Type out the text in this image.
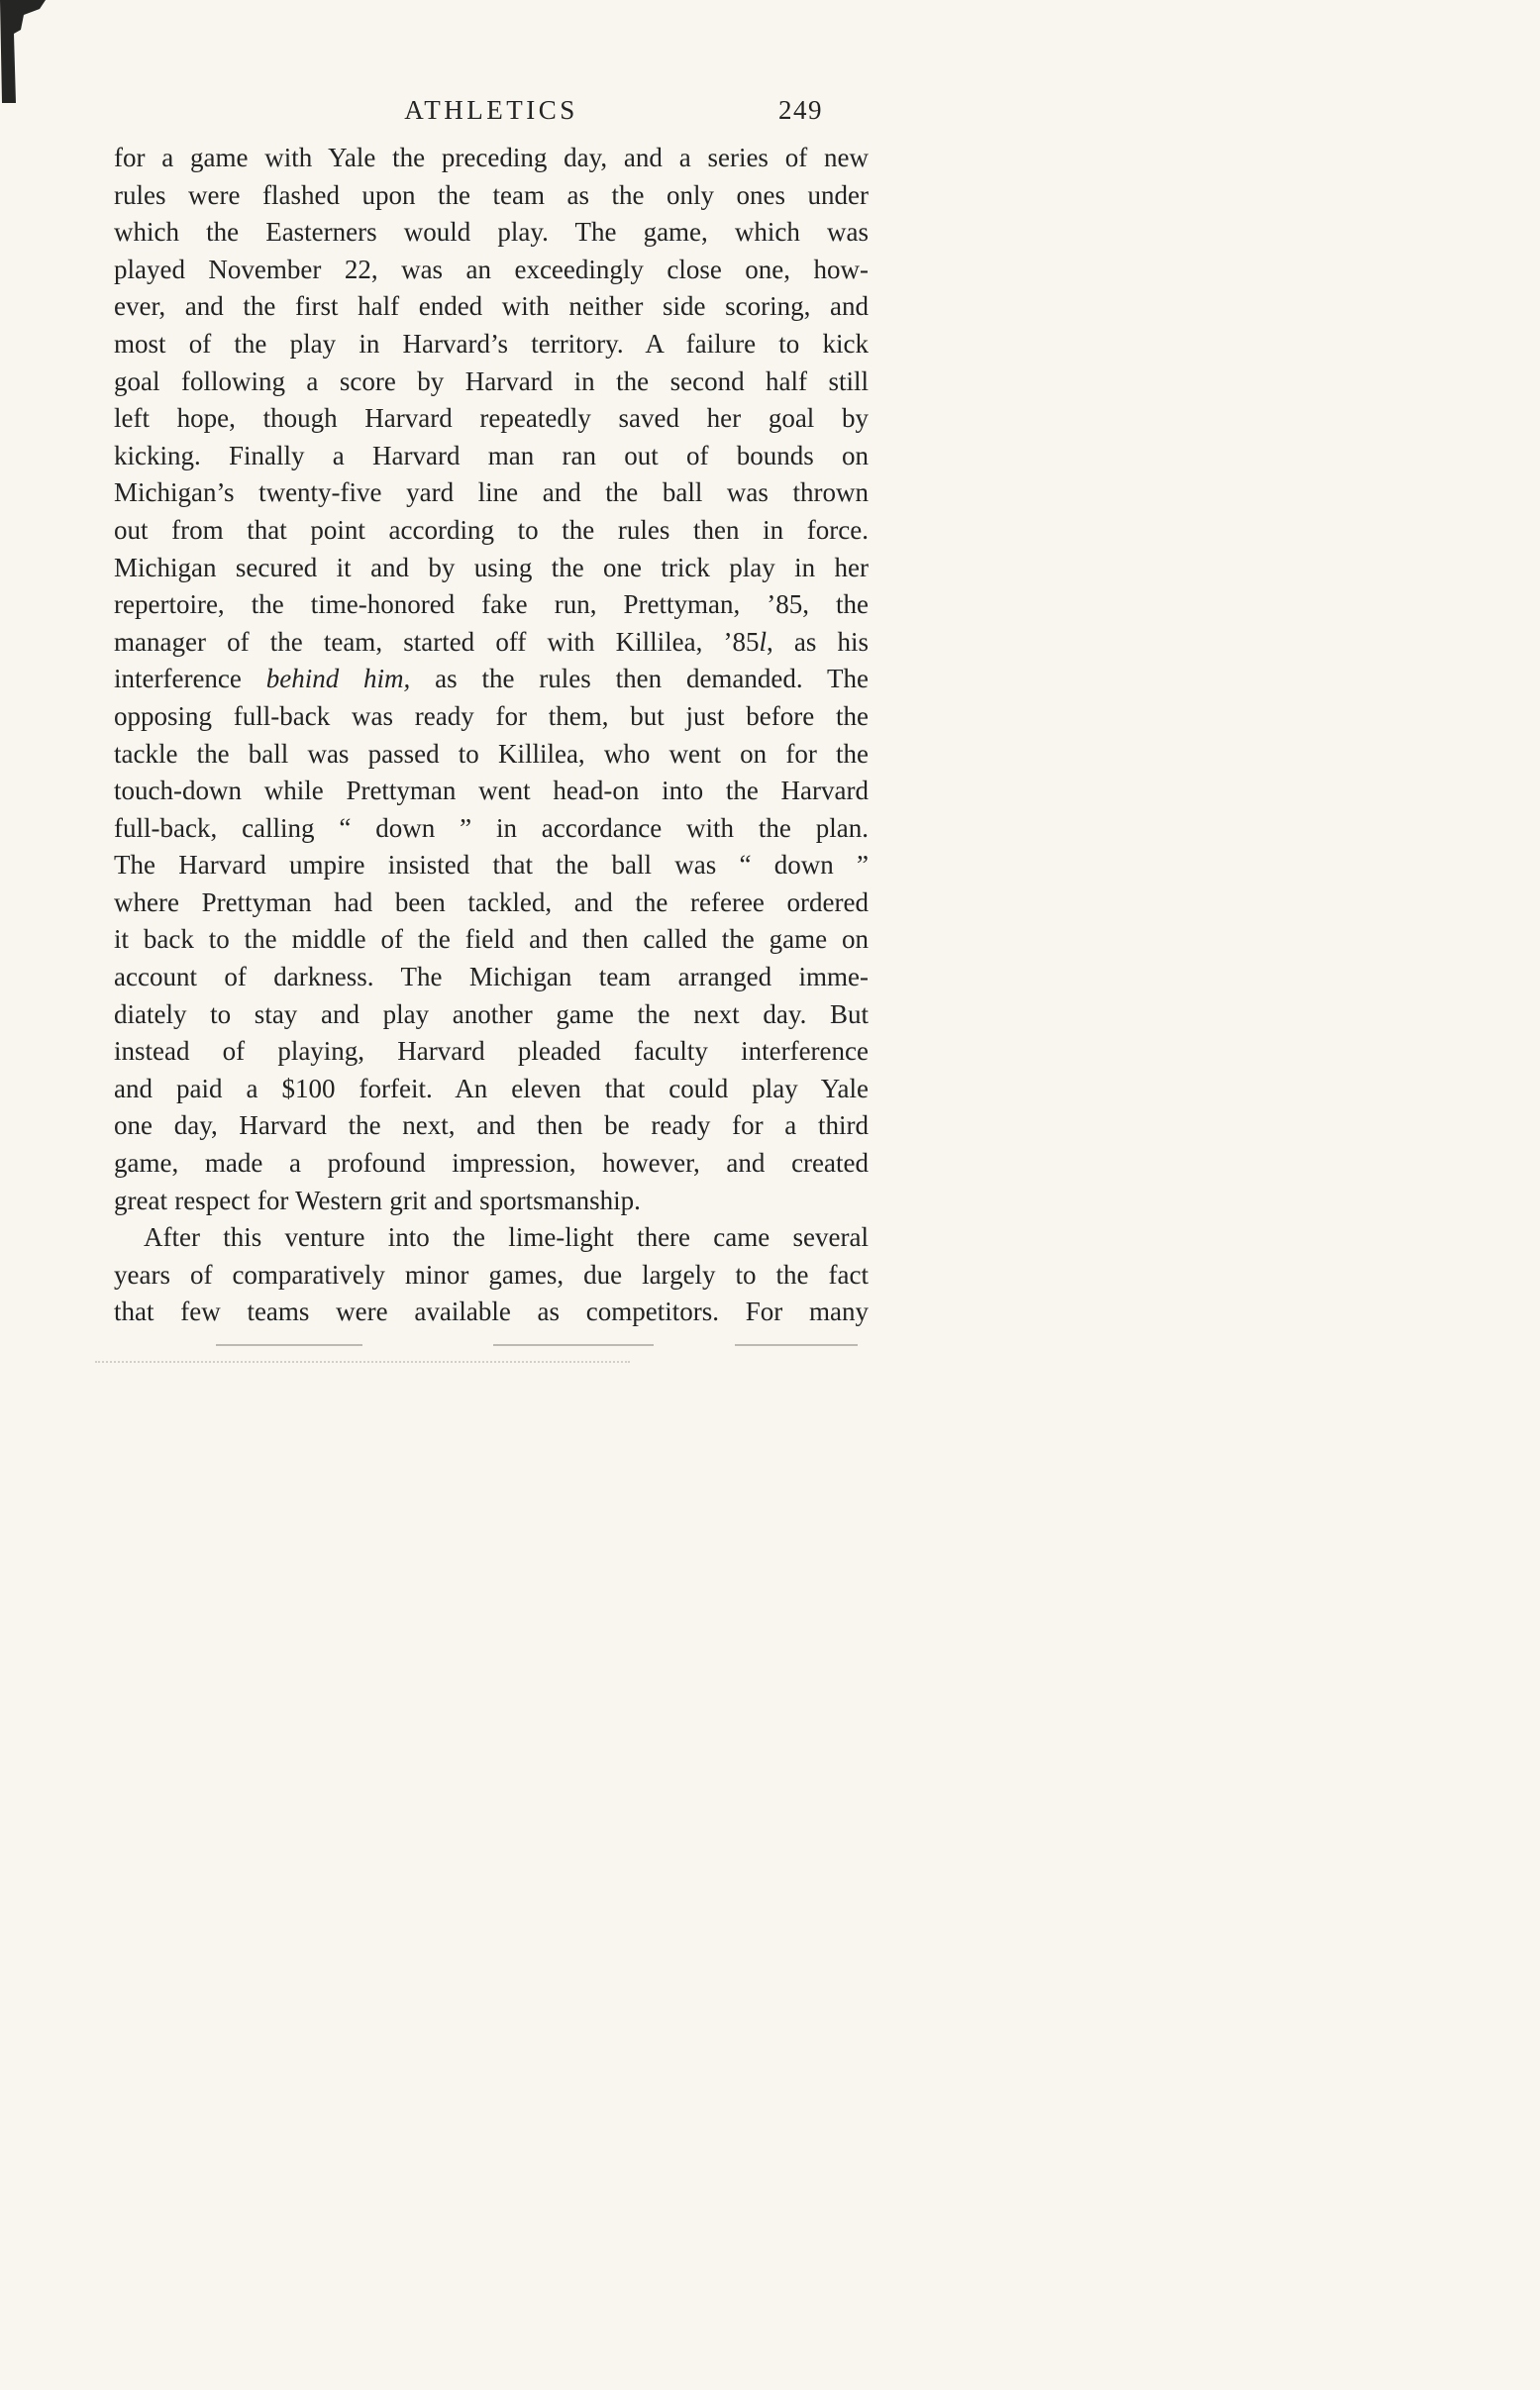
ATHLETICS	249
for a game with Yale the preceding day, and a series of new
rules were flashed upon the team as the only ones under
which the Easterners would play. The game, which was
played November 22, was an exceedingly close one, how-
ever, and the first half ended with neither side scoring, and
most of the play in Harvard’s territory. A failure to kick
goal following a score by Harvard in the second half still
left hope, though Harvard repeatedly saved her goal by
kicking. Finally a Harvard man ran out of bounds on
Michigan’s twenty-five yard line and the ball was thrown
out from that point according to the rules then in force.
Michigan secured it and by using the one trick play in her
repertoire, the time-honored fake run, Prettyman, ’85, the
manager of the team, started off with Killilea, ’85l, as his
interference behind him, as the rules then demanded. The
opposing full-back was ready for them, but just before the
tackle the ball was passed to Killilea, who went on for the
touch-down while Prettyman went head-on into the Harvard
full-back, calling “ down ” in accordance with the plan.
The Harvard umpire insisted that the ball was “ down ”
where Prettyman had been tackled, and the referee ordered
it back to the middle of the field and then called the game on
account of darkness. The Michigan team arranged imme-
diately to stay and play another game the next day. But
instead of playing, Harvard pleaded faculty interference
and paid a $100 forfeit. An eleven that could play Yale
one day, Harvard the next, and then be ready for a third
game, made a profound impression, however, and created
great respect for Western grit and sportsmanship.
After this venture into the lime-light there came several
years of comparatively minor games, due largely to the fact
that few teams were available as competitors. For many
